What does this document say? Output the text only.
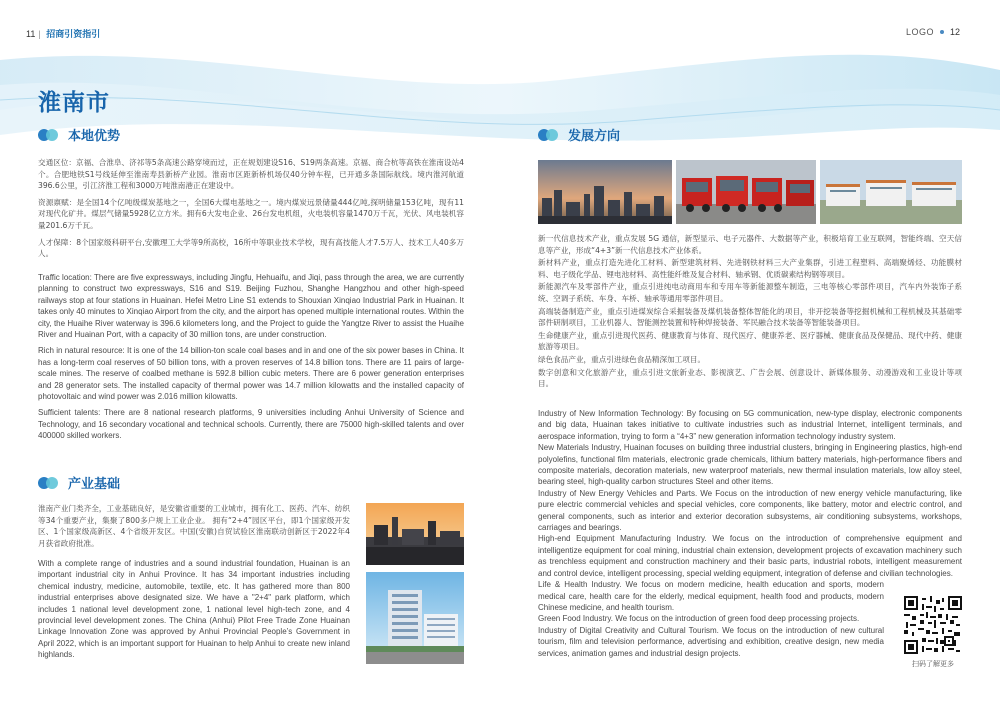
11 | 招商引资指引	LOGO 12
淮南市
本地优势

交通区位：京福、合淮阜、济祁等5条高速公路穿境而过，正在规划建设S16、S19两条高速。京福、商合杭等高铁在淮南设站4个。合肥地铁S1号线延伸至淮南寿县新桥产业园。淮南市区距新桥机场仅40分钟车程，已开通多条国际航线。境内淮河航道396.6公里，引江济淮工程和3000万吨淮南港正在建设中。

资源禀赋：是全国14个亿吨级煤炭基地之一，全国6大煤电基地之一。境内煤炭远景储量444亿吨,探明储量153亿吨，现有11对现代化矿井。煤层气储量5928亿立方米。拥有6大发电企业、26台发电机组，火电装机容量1470万千瓦，光伏、风电装机容量201.6万千瓦。

人才保障：8个国家级科研平台,安徽理工大学等9所高校，16所中等职业技术学校，现有高技能人才7.5万人、技术工人40多万人。

Traffic location: There are five expressways, including Jingfu, Hehuaifu, and Jiqi, pass through the area, we are currently planning to construct two expressways, S16 and S19. Beijing Fuzhou, Shanghe Hangzhou and other high-speed railways stop at four stations in Huainan. Hefei Metro Line S1 extends to Shouxian Xinqiao Industrial Park in Huainan. It takes only 40 minutes to Xinqiao Airport from the city, and the airport has opened multiple international routes. Within the city, the Huaihe River waterway is 396.6 kilometers long, and the Project to guide the Yangtze River to assist the Huaihe River and Huainan Port, with a capacity of 30 million tons, are under construction.

Rich in natural resource: It is one of the 14 billion-ton scale coal bases and in and one of the six power bases in China. It has a long-term coal reserves of 50 billion tons, with a proven reserves of 14.8 billion tons. There are 11 pairs of large-scale mines. The reserve of coalbed methane is 592.8 billion cubic meters. There are 6 power generation enterprises and 28 generator sets. The installed capacity of thermal power was 14.7 million kilowatts and the installed capacity of photovoltaic and wind power was 2.016 million kilowatts.

Sufficient talents: There are 8 national research platforms, 9 universities including Anhui University of Science and Technology, and 16 secondary vocational and technical schools. Currently, there are 75000 high-skilled talents and over 400000 skilled workers.

产业基础

淮南产业门类齐全，工业基础良好，是安徽省重要的工业城市，拥有化工、医药、汽车、纺织等34个重要产业，集聚了800多户规上工业企业。 拥有“2+4”园区平台，即1个国家级开发区、1个国家级高新区、4个省级开发区。中国(安徽)自贸试验区淮南联动创新区于2022年4月获省政府批准。

With a complete range of industries and a sound industrial foundation, Huainan is an important industrial city in Anhui Province. It has 34 important industries including chemical industry, medicine, automobile, textile, etc. It has gathered more than 800 industrial enterprises above designated size. We have a "2+4" park platform, which includes 1 national level development zone, 1 national level high-tech zone, and 4 provincial level development zones. The China (Anhui) Pilot Free Trade Zone Huainan Linkage Innovation Zone was approved by Anhui Provincial People’s Government in April 2022, which is an important support for Huainan to help Anhui to create new inland highlands.

发展方向

新一代信息技术产业，重点发展 5G 通信，新型显示、电子元器件、大数据等产业，积极培育工业互联网，智能终端、空天信息等产业，形成“4+3”新一代信息技术产业体系。

新材料产业，重点打造先进化工材料、新型建筑材料、先进钢铁材料三大产业集群，引进工程塑料、高端聚烯烃、功能膜材料、电子级化学品、锂电池材料、高性能纤维及复合材料、轴承钢、优质碳素结构钢等项目。

新能源汽车及零部件产业，重点引进纯电动商用车和专用车等新能源整车制造，三电等核心零部件项目，汽车内外装饰子系统、空调子系统、车身、车桥、轴承等通用零部件项目。

高端装备制造产业，重点引进煤炭综合采掘装备及煤机装备整体智能化的项目，非开挖装备等挖掘机械和工程机械及其基础零部件研制项目，工业机器人、智能测控装置和特种焊接装备、军民融合技术装备等智能装备项目。

生命健康产业，重点引进现代医药、健康教育与体育、现代医疗、健康养老、医疗器械、健康食品及保健品、现代中药、健康旅游等项目。

绿色食品产业，重点引进绿色食品精深加工项目。

数字创意和文化旅游产业，重点引进文旅新业态、影视演艺、广告会展、创意设计、新媒体服务、动漫游戏和工业设计等项目。

Industry of New Information Technology: By focusing on 5G communication, new-type display, electronic components and big data, Huainan takes initiative to cultivate industries such as industrial Internet, intelligent terminals, and aerospace information, trying to form a “4+3” new generation information technology industry system.

New Materials Industry, Huainan focuses on building three industrial clusters, bringing in Engineering plastics, high-end polyolefins, functional film materials, electronic grade chemicals, lithium battery materials, high-performance fibers and composite materials, decoration materials, new waterproof materials, new thermal insulation materials, low alloy steel, bearing steel, high-quality carbon structures Steel and other items.

Industry of New Energy Vehicles and Parts. We Focus on the introduction of new energy vehicle manufacturing, like pure electric commercial vehicles and special vehicles, core components, like battery, motor and electric control, and general components, such as interior and exterior decoration subsystems, air conditioning subsystems, workshops, carriages and bearings.

High-end Equipment Manufacturing Industry. We focus on the introduction of comprehensive equipment and intelligentize equipment for coal mining, industrial chain extension, development projects of excavation machinery such as trenchless equipment and construction machinery and their basic parts, industrial robots, intelligent measurement and control device, intelligent processing, special welding equipment, integration of defense and civilian technologies.

Life & Health Industry. We focus on modern medicine, health education and sports, modern medical care, health care for the elderly, medical equipment, health food and products, modern Chinese medicine, and health tourism.

Green Food Industry. We focus on the introduction of green food deep processing projects.

Industry of Digital Creativity and Cultural Tourism. We focus on the introduction of new cultural tourism, film and television performance, advertising and exhibition, creative design, new media services, animation games and industrial design projects.

扫码了解更多
